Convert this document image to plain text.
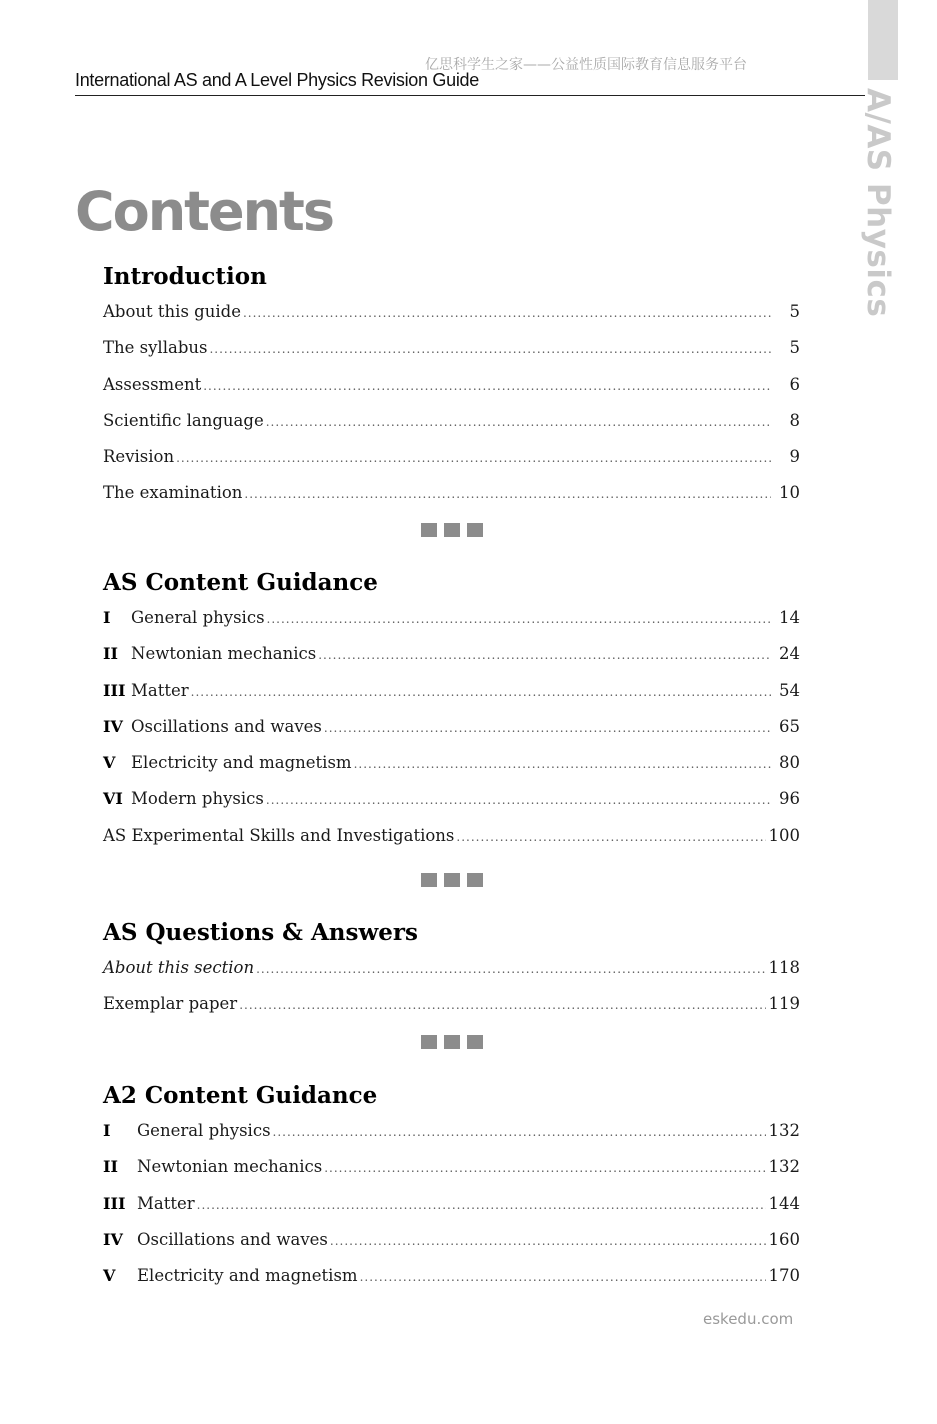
亿思科学生之家——公益性质国际教育信息服务平台
International AS and A Level Physics Revision Guide
A/AS Physics
Contents
Introduction
About this guide .....	5
The syllabus .....	5
Assessment .....	6
Scientific language .....	8
Revision .....	9
The examination .....	10
AS Content Guidance
I	General physics .....	14
II Newtonian mechanics .....	24
III Matter .....	54
IV Oscillations and waves .....	65
V Electricity and magnetism .....	80
VI Modern physics .....	96
AS Experimental Skills and Investigations .....	100
AS Questions & Answers
About this section .....	118
Exemplar paper .....	119
A2 Content Guidance
I	General physics .....	132
II	Newtonian mechanics .....	132
III Matter .....	144
IV Oscillations and waves .....	160
V	Electricity and magnetism .....	170
eskedu.com
